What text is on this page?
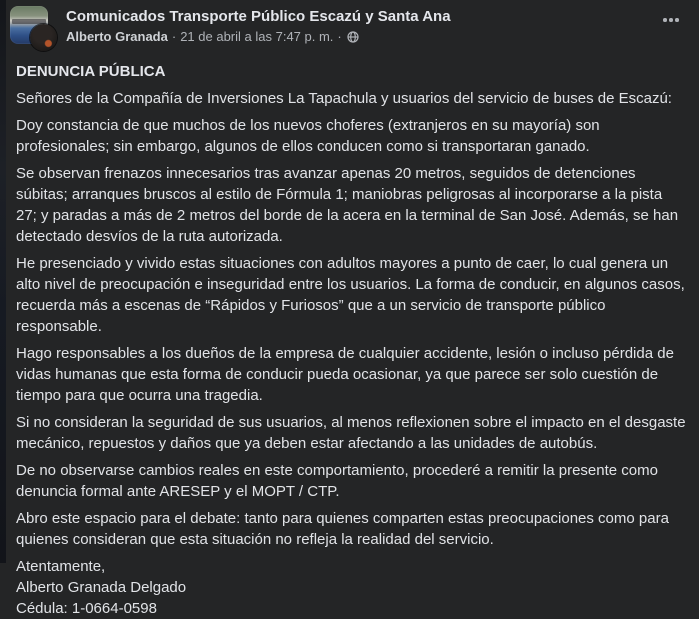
Comunicados Transporte Público Escazú y Santa Ana
Alberto Granada · 21 de abril a las 7:47 p. m. ·
DENUNCIA PÚBLICA

Señores de la Compañía de Inversiones La Tapachula y usuarios del servicio de buses de Escazú:

Doy constancia de que muchos de los nuevos choferes (extranjeros en su mayoría) son profesionales; sin embargo, algunos de ellos conducen como si transportaran ganado.

Se observan frenazos innecesarios tras avanzar apenas 20 metros, seguidos de detenciones súbitas; arranques bruscos al estilo de Fórmula 1; maniobras peligrosas al incorporarse a la pista 27; y paradas a más de 2 metros del borde de la acera en la terminal de San José. Además, se han detectado desvíos de la ruta autorizada.

He presenciado y vivido estas situaciones con adultos mayores a punto de caer, lo cual genera un alto nivel de preocupación e inseguridad entre los usuarios. La forma de conducir, en algunos casos, recuerda más a escenas de “Rápidos y Furiosos” que a un servicio de transporte público responsable.

Hago responsables a los dueños de la empresa de cualquier accidente, lesión o incluso pérdida de vidas humanas que esta forma de conducir pueda ocasionar, ya que parece ser solo cuestión de tiempo para que ocurra una tragedia.

Si no consideran la seguridad de sus usuarios, al menos reflexionen sobre el impacto en el desgaste mecánico, repuestos y daños que ya deben estar afectando a las unidades de autobús.

De no observarse cambios reales en este comportamiento, procederé a remitir la presente como denuncia formal ante ARESEP y el MOPT / CTP.

Abro este espacio para el debate: tanto para quienes comparten estas preocupaciones como para quienes consideran que esta situación no refleja la realidad del servicio.

Atentamente,
Alberto Granada Delgado
Cédula: 1-0664-0598
